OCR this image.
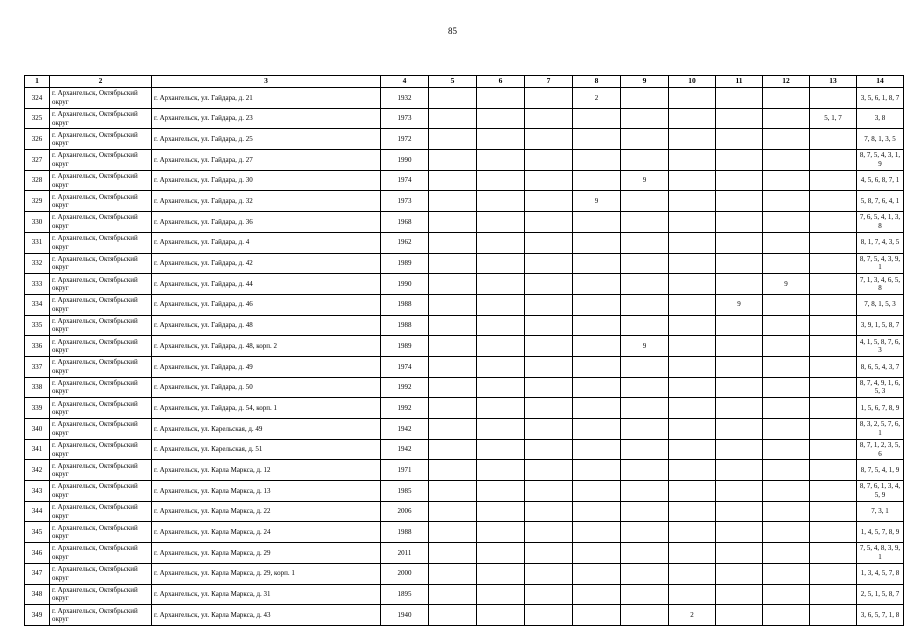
85
1	2	3	4	5	6	7	8	9	10	11	12	13	14
324	г. Архангельск, Октябрьский округ	г. Архангельск, ул. Гайдара, д. 21	1932				2						3, 5, 6, 1, 8, 7
325	г. Архангельск, Октябрьский округ	г. Архангельск, ул. Гайдара, д. 23	1973									5, 1, 7	3, 8
326	г. Архангельск, Октябрьский округ	г. Архангельск, ул. Гайдара, д. 25	1972										7, 8, 1, 3, 5
327	г. Архангельск, Октябрьский округ	г. Архангельск, ул. Гайдара, д. 27	1990										8, 7, 5, 4, 3, 1, 9
328	г. Архангельск, Октябрьский округ	г. Архангельск, ул. Гайдара, д. 30	1974					9					4, 5, 6, 8, 7, 1
329	г. Архангельск, Октябрьский округ	г. Архангельск, ул. Гайдара, д. 32	1973				9						5, 8, 7, 6, 4, 1
330	г. Архангельск, Октябрьский округ	г. Архангельск, ул. Гайдара, д. 36	1968										7, 6, 5, 4, 1, 3, 8
331	г. Архангельск, Октябрьский округ	г. Архангельск, ул. Гайдара, д. 4	1962										8, 1, 7, 4, 3, 5
332	г. Архангельск, Октябрьский округ	г. Архангельск, ул. Гайдара, д. 42	1989										8, 7, 5, 4, 3, 9, 1
333	г. Архангельск, Октябрьский округ	г. Архангельск, ул. Гайдара, д. 44	1990								9		7, 1, 3, 4, 6, 5, 8
334	г. Архангельск, Октябрьский округ	г. Архангельск, ул. Гайдара, д. 46	1988							9			7, 8, 1, 5, 3
335	г. Архангельск, Октябрьский округ	г. Архангельск, ул. Гайдара, д. 48	1988										3, 9, 1, 5, 8, 7
336	г. Архангельск, Октябрьский округ	г. Архангельск, ул. Гайдара, д. 48, корп. 2	1989					9					4, 1, 5, 8, 7, 6, 3
337	г. Архангельск, Октябрьский округ	г. Архангельск, ул. Гайдара, д. 49	1974										8, 6, 5, 4, 3, 7
338	г. Архангельск, Октябрьский округ	г. Архангельск, ул. Гайдара, д. 50	1992										8, 7, 4, 9, 1, 6, 5, 3
339	г. Архангельск, Октябрьский округ	г. Архангельск, ул. Гайдара, д. 54, корп. 1	1992										1, 5, 6, 7, 8, 9
340	г. Архангельск, Октябрьский округ	г. Архангельск, ул. Карельская, д. 49	1942										8, 3, 2, 5, 7, 6, 1
341	г. Архангельск, Октябрьский округ	г. Архангельск, ул. Карельская, д. 51	1942										8, 7, 1, 2, 3, 5, 6
342	г. Архангельск, Октябрьский округ	г. Архангельск, ул. Карла Маркса, д. 12	1971										8, 7, 5, 4, 1, 9
343	г. Архангельск, Октябрьский округ	г. Архангельск, ул. Карла Маркса, д. 13	1985										8, 7, 6, 1, 3, 4, 5, 9
344	г. Архангельск, Октябрьский округ	г. Архангельск, ул. Карла Маркса, д. 22	2006										7, 3, 1
345	г. Архангельск, Октябрьский округ	г. Архангельск, ул. Карла Маркса, д. 24	1988										1, 4, 5, 7, 8, 9
346	г. Архангельск, Октябрьский округ	г. Архангельск, ул. Карла Маркса, д. 29	2011										7, 5, 4, 8, 3, 9, 1
347	г. Архангельск, Октябрьский округ	г. Архангельск, ул. Карла Маркса, д. 29, корп. 1	2000										1, 3, 4, 5, 7, 8
348	г. Архангельск, Октябрьский округ	г. Архангельск, ул. Карла Маркса, д. 31	1895										2, 5, 1, 5, 8, 7
349	г. Архангельск, Октябрьский округ	г. Архангельск, ул. Карла Маркса, д. 43	1940						2				3, 6, 5, 7, 1, 8
